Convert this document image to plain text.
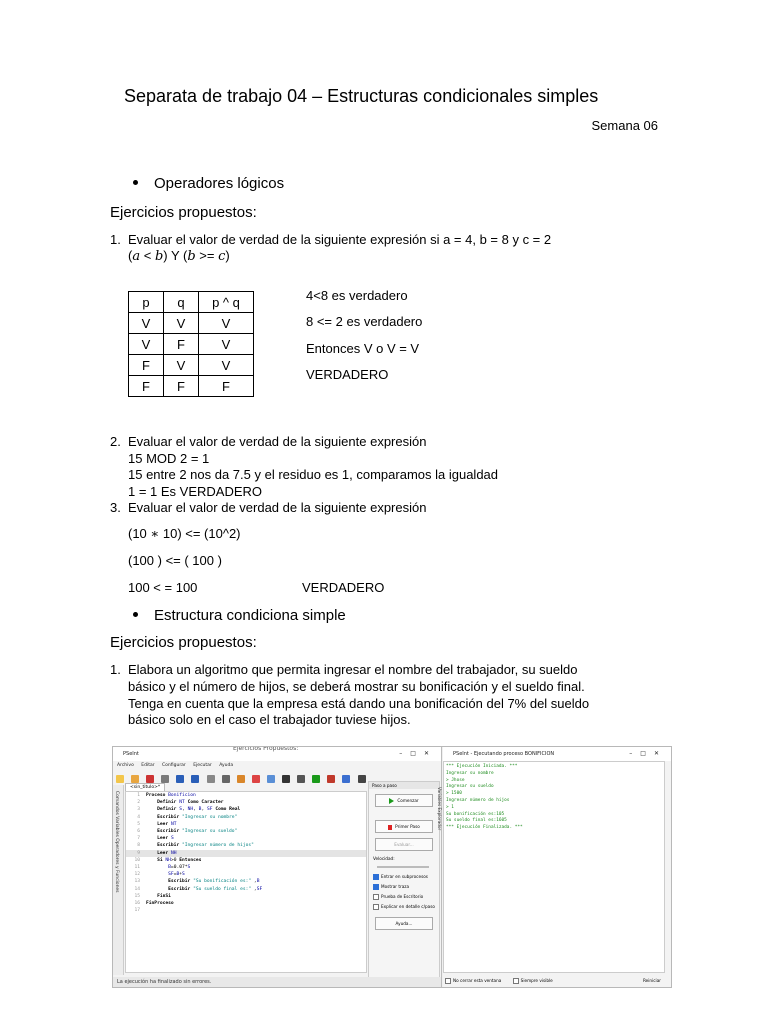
Separata de trabajo 04 – Estructuras condicionales simples
Semana 06
Operadores lógicos
Ejercicios propuestos:
1. Evaluar el valor de verdad de la siguiente expresión si a = 4, b = 8 y c = 2
(a < b) Y (b >= c)
p	q	p ^ q
V	V	V
V	F	V
F	V	V
F	F	F
4<8 es verdadero
8 <= 2 es verdadero
Entonces V o V = V
VERDADERO
2. Evaluar el valor de verdad de la siguiente expresión
15 MOD 2 = 1
15 entre 2 nos da 7.5 y el residuo es 1, comparamos la igualdad
1 = 1 Es VERDADERO
3. Evaluar el valor de verdad de la siguiente expresión
(10 ∗ 10) <= (10^2)
(100 ) <= ( 100 )
100 < = 100	VERDADERO
Estructura condiciona simple
Ejercicios propuestos:
1. Elabora un algoritmo que permita ingresar el nombre del trabajador, su sueldo
básico y el número de hijos, se deberá mostrar su bonificación y el sueldo final.
Tenga en cuenta que la empresa está dando una bonificación del 7% del sueldo
básico solo en el caso el trabajador tuviese hijos.
PSeInt
Ejercicios Propuestos:
–□✕
Archivo Editar Configurar Ejecutar Ayuda

Comandos Variables Operadores y Funciones
<sin_titulo>*
1 Proceso Bonificion
2	Definir NT Como Caracter
3	Definir S, NH, B, SF Como Real
4	Escribir "Ingresar su nombre"
5	Leer NT
6	Escribir "Ingresar su sueldo"
7	Leer S
8	Escribir "Ingresar número de hijos"
9	Leer NH
10	Si NH>0 Entonces
11	B=0.07*S
12	SF=B+S
13	Escribir "Su bonificación es:" ,B
14	Escribir "Su sueldo final es:" ,SF
15	FinSi
16 FinProceso
17
Paso a paso
Comenzar
Primer Paso
Evaluar...
Velocidad:
Entrar en subprocesos
Mostrar traza
Prueba de Escritorio
Explicar en detalle c/paso
Ayuda...
Variables Explorador
La ejecución ha finalizado sin errores.
PSeInt - Ejecutando proceso BONIFICION	–□✕
*** Ejecución Iniciada. ***
Ingresar su nombre
> Jhose
Ingresar su sueldo
> 1500
Ingresar número de hijos
> 1
Su bonificación es:105
Su sueldo final es:1605
*** Ejecución Finalizada. ***
No cerrar esta ventana	Siempre visible	Reiniciar
